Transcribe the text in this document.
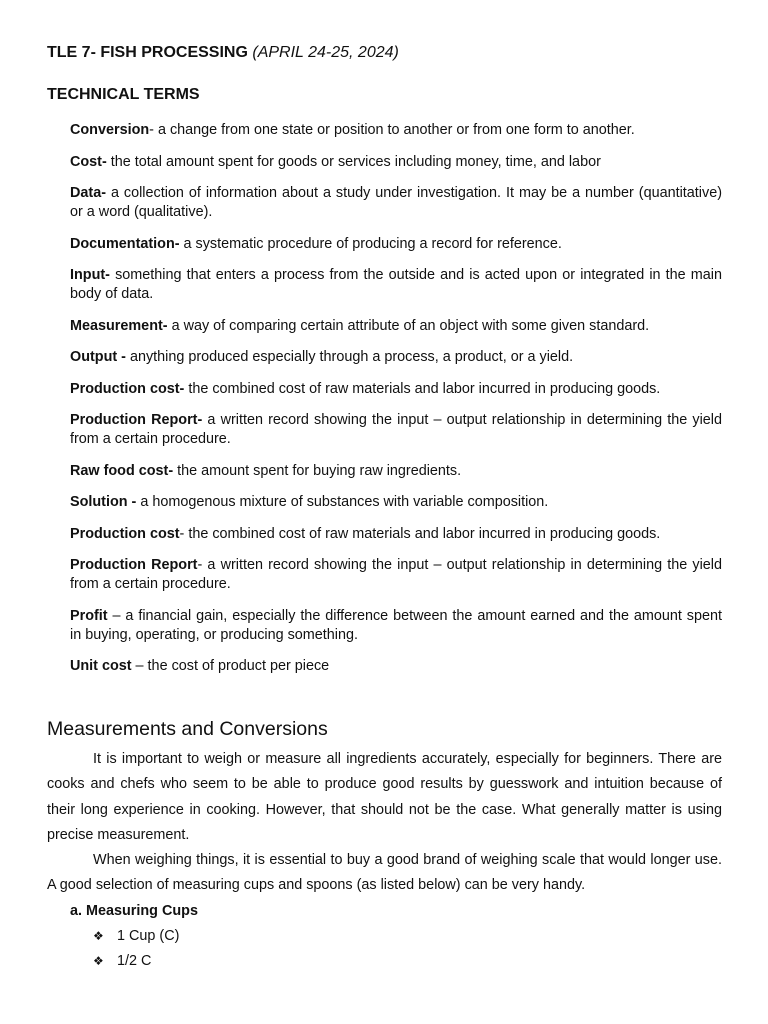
TLE 7- FISH PROCESSING (APRIL 24-25, 2024)
TECHNICAL TERMS
Conversion- a change from one state or position to another or from one form to another.
Cost- the total amount spent for goods or services including money, time, and labor
Data- a collection of information about a study under investigation. It may be a number (quantitative) or a word (qualitative).
Documentation- a systematic procedure of producing a record for reference.
Input- something that enters a process from the outside and is acted upon or integrated in the main body of data.
Measurement- a way of comparing certain attribute of an object with some given standard.
Output - anything produced especially through a process, a product, or a yield.
Production cost- the combined cost of raw materials and labor incurred in producing goods.
Production Report- a written record showing the input – output relationship in determining the yield from a certain procedure.
Raw food cost- the amount spent for buying raw ingredients.
Solution - a homogenous mixture of substances with variable composition.
Production cost- the combined cost of raw materials and labor incurred in producing goods.
Production Report- a written record showing the input – output relationship in determining the yield from a certain procedure.
Profit – a financial gain, especially the difference between the amount earned and the amount spent in buying, operating, or producing something.
Unit cost – the cost of product per piece
Measurements and Conversions

It is important to weigh or measure all ingredients accurately, especially for beginners. There are cooks and chefs who seem to be able to produce good results by guesswork and intuition because of their long experience in cooking. However, that should not be the case. What generally matter is using precise measurement.

When weighing things, it is essential to buy a good brand of weighing scale that would longer use. A good selection of measuring cups and spoons (as listed below) can be very handy.

a. Measuring Cups
❖ 1 Cup (C)
❖ 1/2 C
